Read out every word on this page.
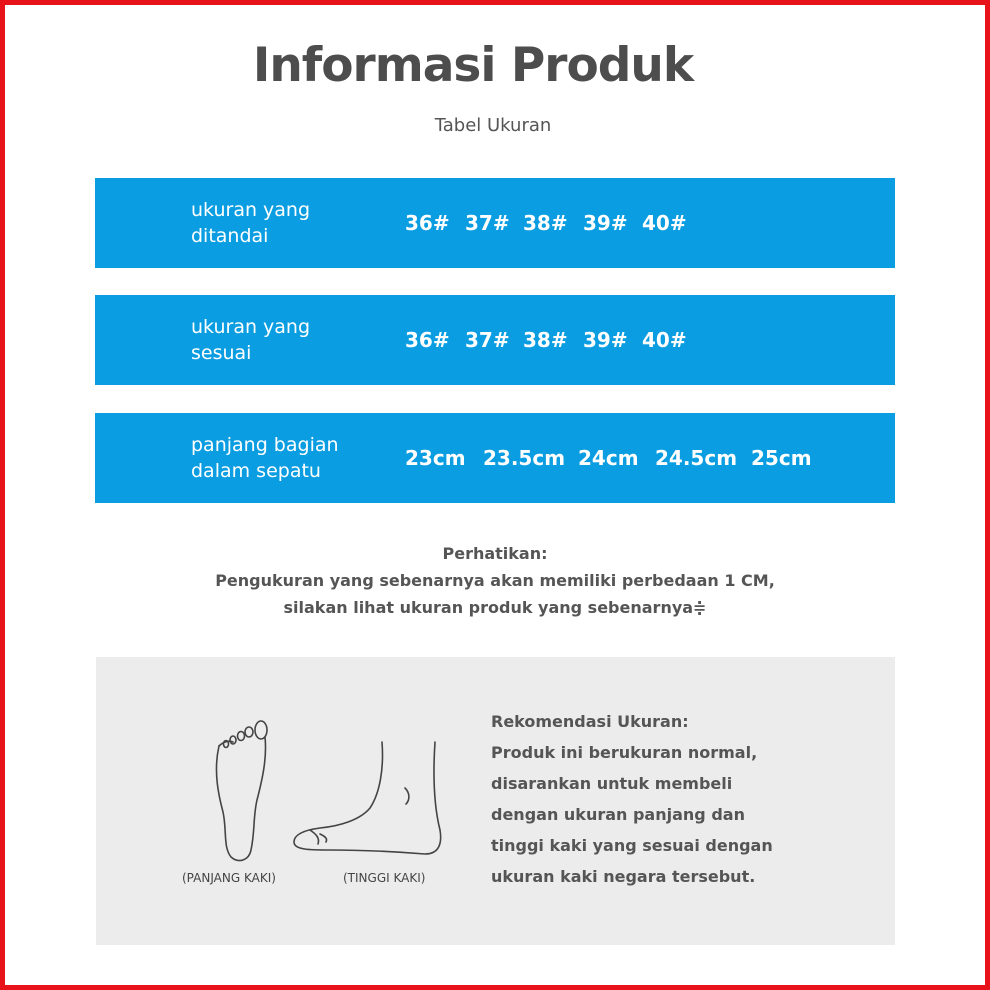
Informasi Produk
Tabel Ukuran
ukuran yang
ditandai
36# 37# 38# 39# 40#
ukuran yang
sesuai
36# 37# 38# 39# 40#
panjang bagian
dalam sepatu
23cm 23.5cm 24cm 24.5cm 25cm
Perhatikan:
Pengukuran yang sebenarnya akan memiliki perbedaan 1 CM,
silakan lihat ukuran produk yang sebenarnya≑
(PANJANG KAKI)	(TINGGI KAKI)
Rekomendasi Ukuran:
Produk ini berukuran normal,
disarankan untuk membeli
dengan ukuran panjang dan
tinggi kaki yang sesuai dengan
ukuran kaki negara tersebut.
